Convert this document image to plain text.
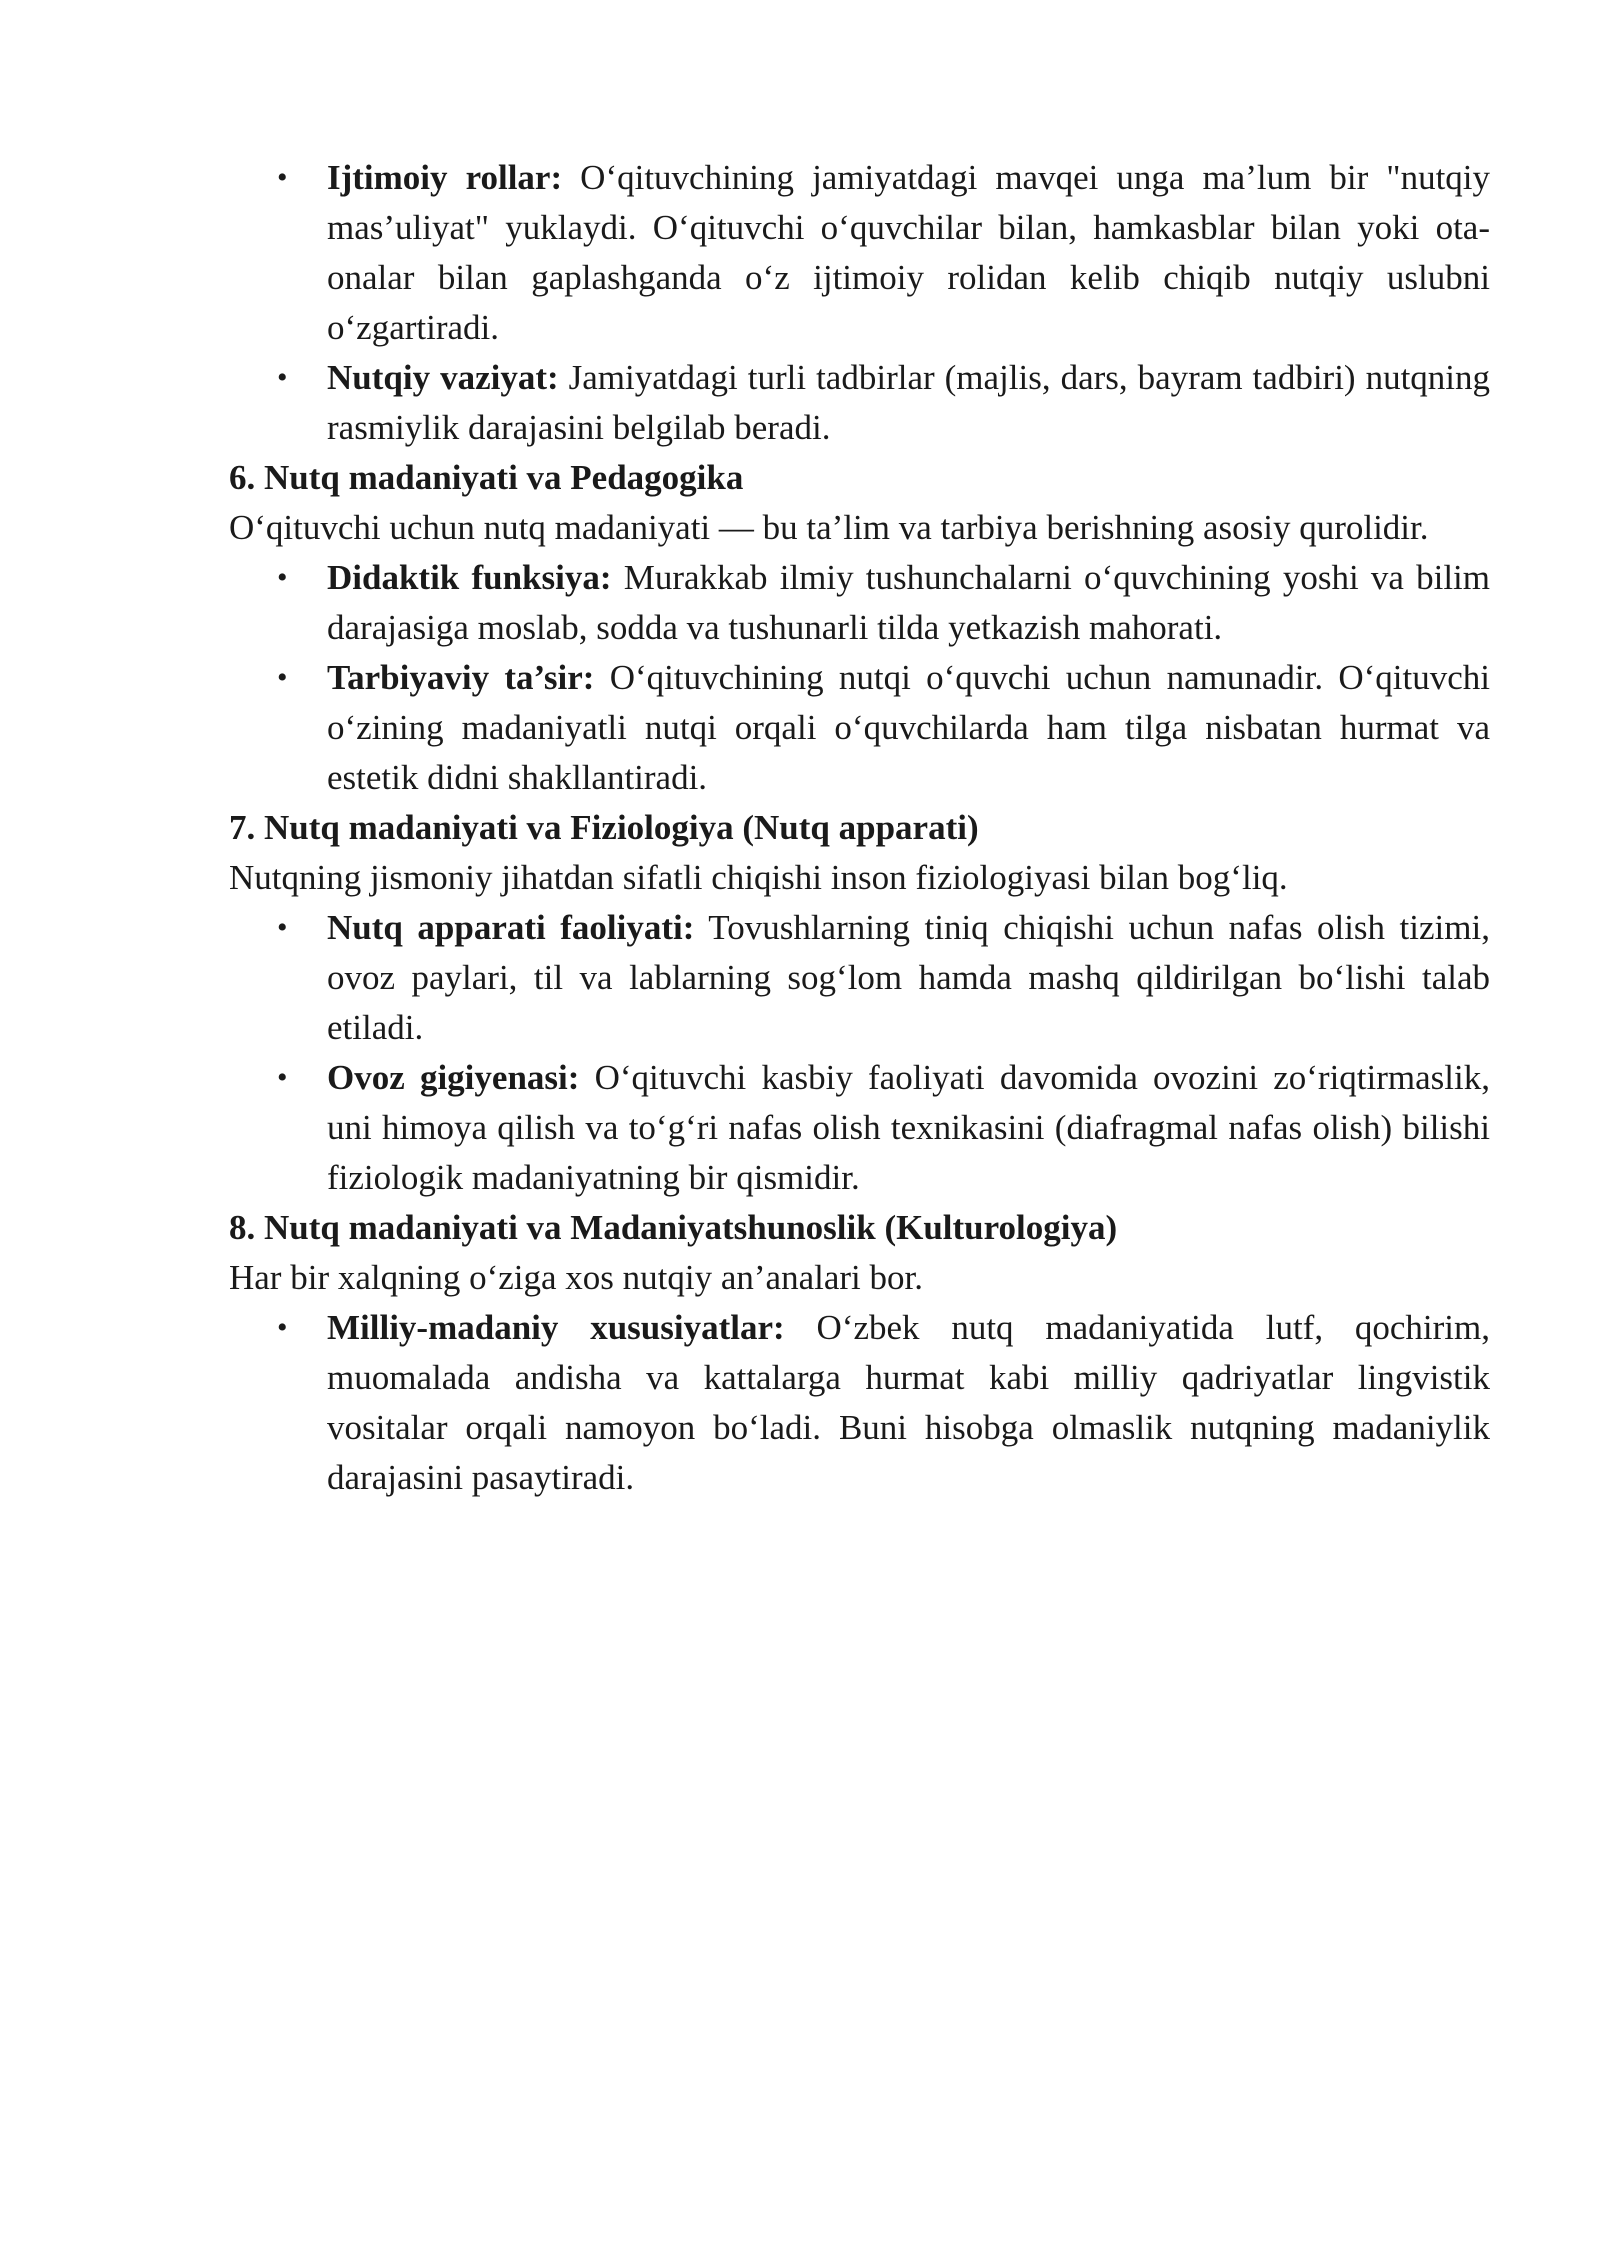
• Ijtimoiy rollar: O‘qituvchining jamiyatdagi mavqei unga ma’lum bir "nutqiy mas’uliyat" yuklaydi. O‘qituvchi o‘quvchilar bilan, hamkasblar bilan yoki ota-onalar bilan gaplashganda o‘z ijtimoiy rolidan kelib chiqib nutqiy uslubni o‘zgartiradi.
• Nutqiy vaziyat: Jamiyatdagi turli tadbirlar (majlis, dars, bayram tadbiri) nutqning rasmiylik darajasini belgilab beradi.

6. Nutq madaniyati va Pedagogika

O‘qituvchi uchun nutq madaniyati — bu ta’lim va tarbiya berishning asosiy qurolidir.

• Didaktik funksiya: Murakkab ilmiy tushunchalarni o‘quvchining yoshi va bilim darajasiga moslab, sodda va tushunarli tilda yetkazish mahorati.
• Tarbiyaviy ta’sir: O‘qituvchining nutqi o‘quvchi uchun namunadir. O‘qituvchi o‘zining madaniyatli nutqi orqali o‘quvchilarda ham tilga nisbatan hurmat va estetik didni shakllantiradi.

7. Nutq madaniyati va Fiziologiya (Nutq apparati)

Nutqning jismoniy jihatdan sifatli chiqishi inson fiziologiyasi bilan bog‘liq.

• Nutq apparati faoliyati: Tovushlarning tiniq chiqishi uchun nafas olish tizimi, ovoz paylari, til va lablarning sog‘lom hamda mashq qildirilgan bo‘lishi talab etiladi.
• Ovoz gigiyenasi: O‘qituvchi kasbiy faoliyati davomida ovozini zo‘riqtirmaslik, uni himoya qilish va to‘g‘ri nafas olish texnikasini (diafragmal nafas olish) bilishi fiziologik madaniyatning bir qismidir.

8. Nutq madaniyati va Madaniyatshunoslik (Kulturologiya)

Har bir xalqning o‘ziga xos nutqiy an’analari bor.

• Milliy-madaniy xususiyatlar: O‘zbek nutq madaniyatida lutf, qochirim, muomalada andisha va kattalarga hurmat kabi milliy qadriyatlar lingvistik vositalar orqali namoyon bo‘ladi. Buni hisobga olmaslik nutqning madaniylik darajasini pasaytiradi.
